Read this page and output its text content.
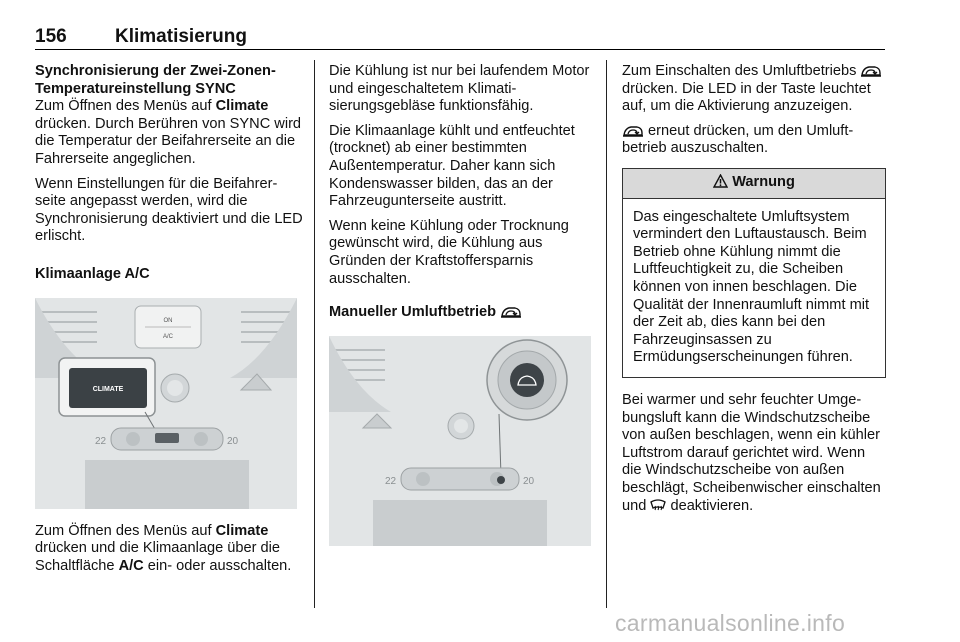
156	Klimatisierung

Synchronisierung der Zwei-Zonen-
Temperatureinstellung SYNC

Zum Öffnen des Menüs auf Climate drücken. Durch Berühren von SYNC wird die Temperatur der Beifahrerseite an die Fahrerseite angeglichen.

Wenn Einstellungen für die Beifahrerseite angepasst werden, wird die Synchronisierung deaktiviert und die LED erlischt.

Klimaanlage A/C

ON
A/C
CLIMATE
22	20

Zum Öffnen des Menüs auf Climate drücken und die Klimaanlage über die Schaltfläche A/C ein- oder ausschalten.

Die Kühlung ist nur bei laufendem Motor und eingeschaltetem Klimatisierungsgebläse funktionsfähig.

Die Klimaanlage kühlt und entfeuchtet (trocknet) ab einer bestimmten Außentemperatur. Daher kann sich Kondenswasser bilden, das an der Fahrzeugunterseite austritt.

Wenn keine Kühlung oder Trocknung gewünscht wird, die Kühlung aus Gründen der Kraftstoffersparnis ausschalten.

Manueller Umluftbetrieb

22	20

Zum Einschalten des Umluftbetriebs  drücken. Die LED in der Taste leuchtet auf, um die Aktivierung anzuzeigen.

erneut drücken, um den Umluftbetrieb auszuschalten.

Warnung
Das eingeschaltete Umluftsystem vermindert den Luftaustausch. Beim Betrieb ohne Kühlung nimmt die Luftfeuchtigkeit zu, die Scheiben können von innen beschlagen. Die Qualität der Innenraumluft nimmt mit der Zeit ab, dies kann bei den Fahrzeuginsassen zu Ermüdungserscheinungen führen.

Bei warmer und sehr feuchter Umgebungsluft kann die Windschutzscheibe von außen beschlagen, wenn ein kühler Luftstrom darauf gerichtet wird. Wenn die Windschutzscheibe von außen beschlägt, Scheibenwischer einschalten und  deaktivieren.

carmanualsonline.info
